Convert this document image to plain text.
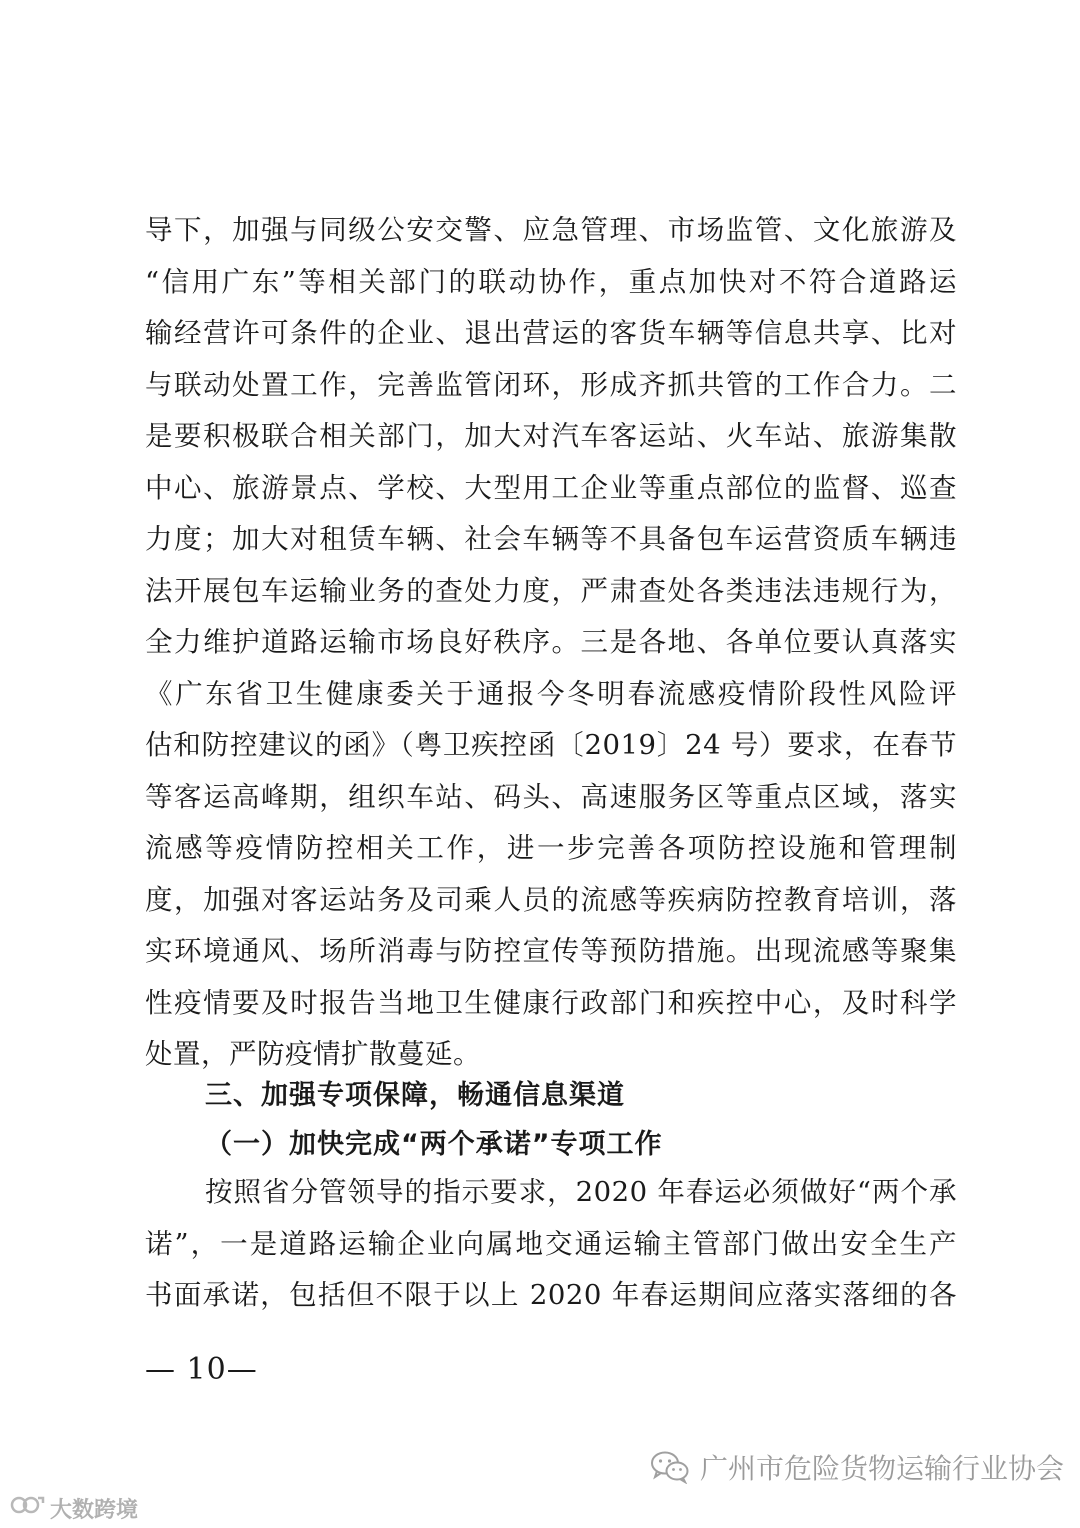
导下，加强与同级公安交警、应急管理、市场监管、文化旅游及
“信用广东”等相关部门的联动协作，重点加快对不符合道路运
输经营许可条件的企业、退出营运的客货车辆等信息共享、比对
与联动处置工作，完善监管闭环，形成齐抓共管的工作合力。二
是要积极联合相关部门，加大对汽车客运站、火车站、旅游集散
中心、旅游景点、学校、大型用工企业等重点部位的监督、巡查
力度；加大对租赁车辆、社会车辆等不具备包车运营资质车辆违
法开展包车运输业务的查处力度，严肃查处各类违法违规行为，
全力维护道路运输市场良好秩序。三是各地、各单位要认真落实
《广东省卫生健康委关于通报今冬明春流感疫情阶段性风险评
估和防控建议的函》（粤卫疾控函〔2019〕24 号）要求，在春节
等客运高峰期，组织车站、码头、高速服务区等重点区域，落实
流感等疫情防控相关工作，进一步完善各项防控设施和管理制
度，加强对客运站务及司乘人员的流感等疾病防控教育培训，落
实环境通风、场所消毒与防控宣传等预防措施。出现流感等聚集
性疫情要及时报告当地卫生健康行政部门和疾控中心，及时科学
处置，严防疫情扩散蔓延。
三、加强专项保障，畅通信息渠道
（一）加快完成“两个承诺”专项工作
按照省分管领导的指示要求，2020 年春运必须做好“两个承
诺”，一是道路运输企业向属地交通运输主管部门做出安全生产
书面承诺，包括但不限于以上 2020 年春运期间应落实落细的各
— 10—
广州市危险货物运输行业协会
大数跨境
